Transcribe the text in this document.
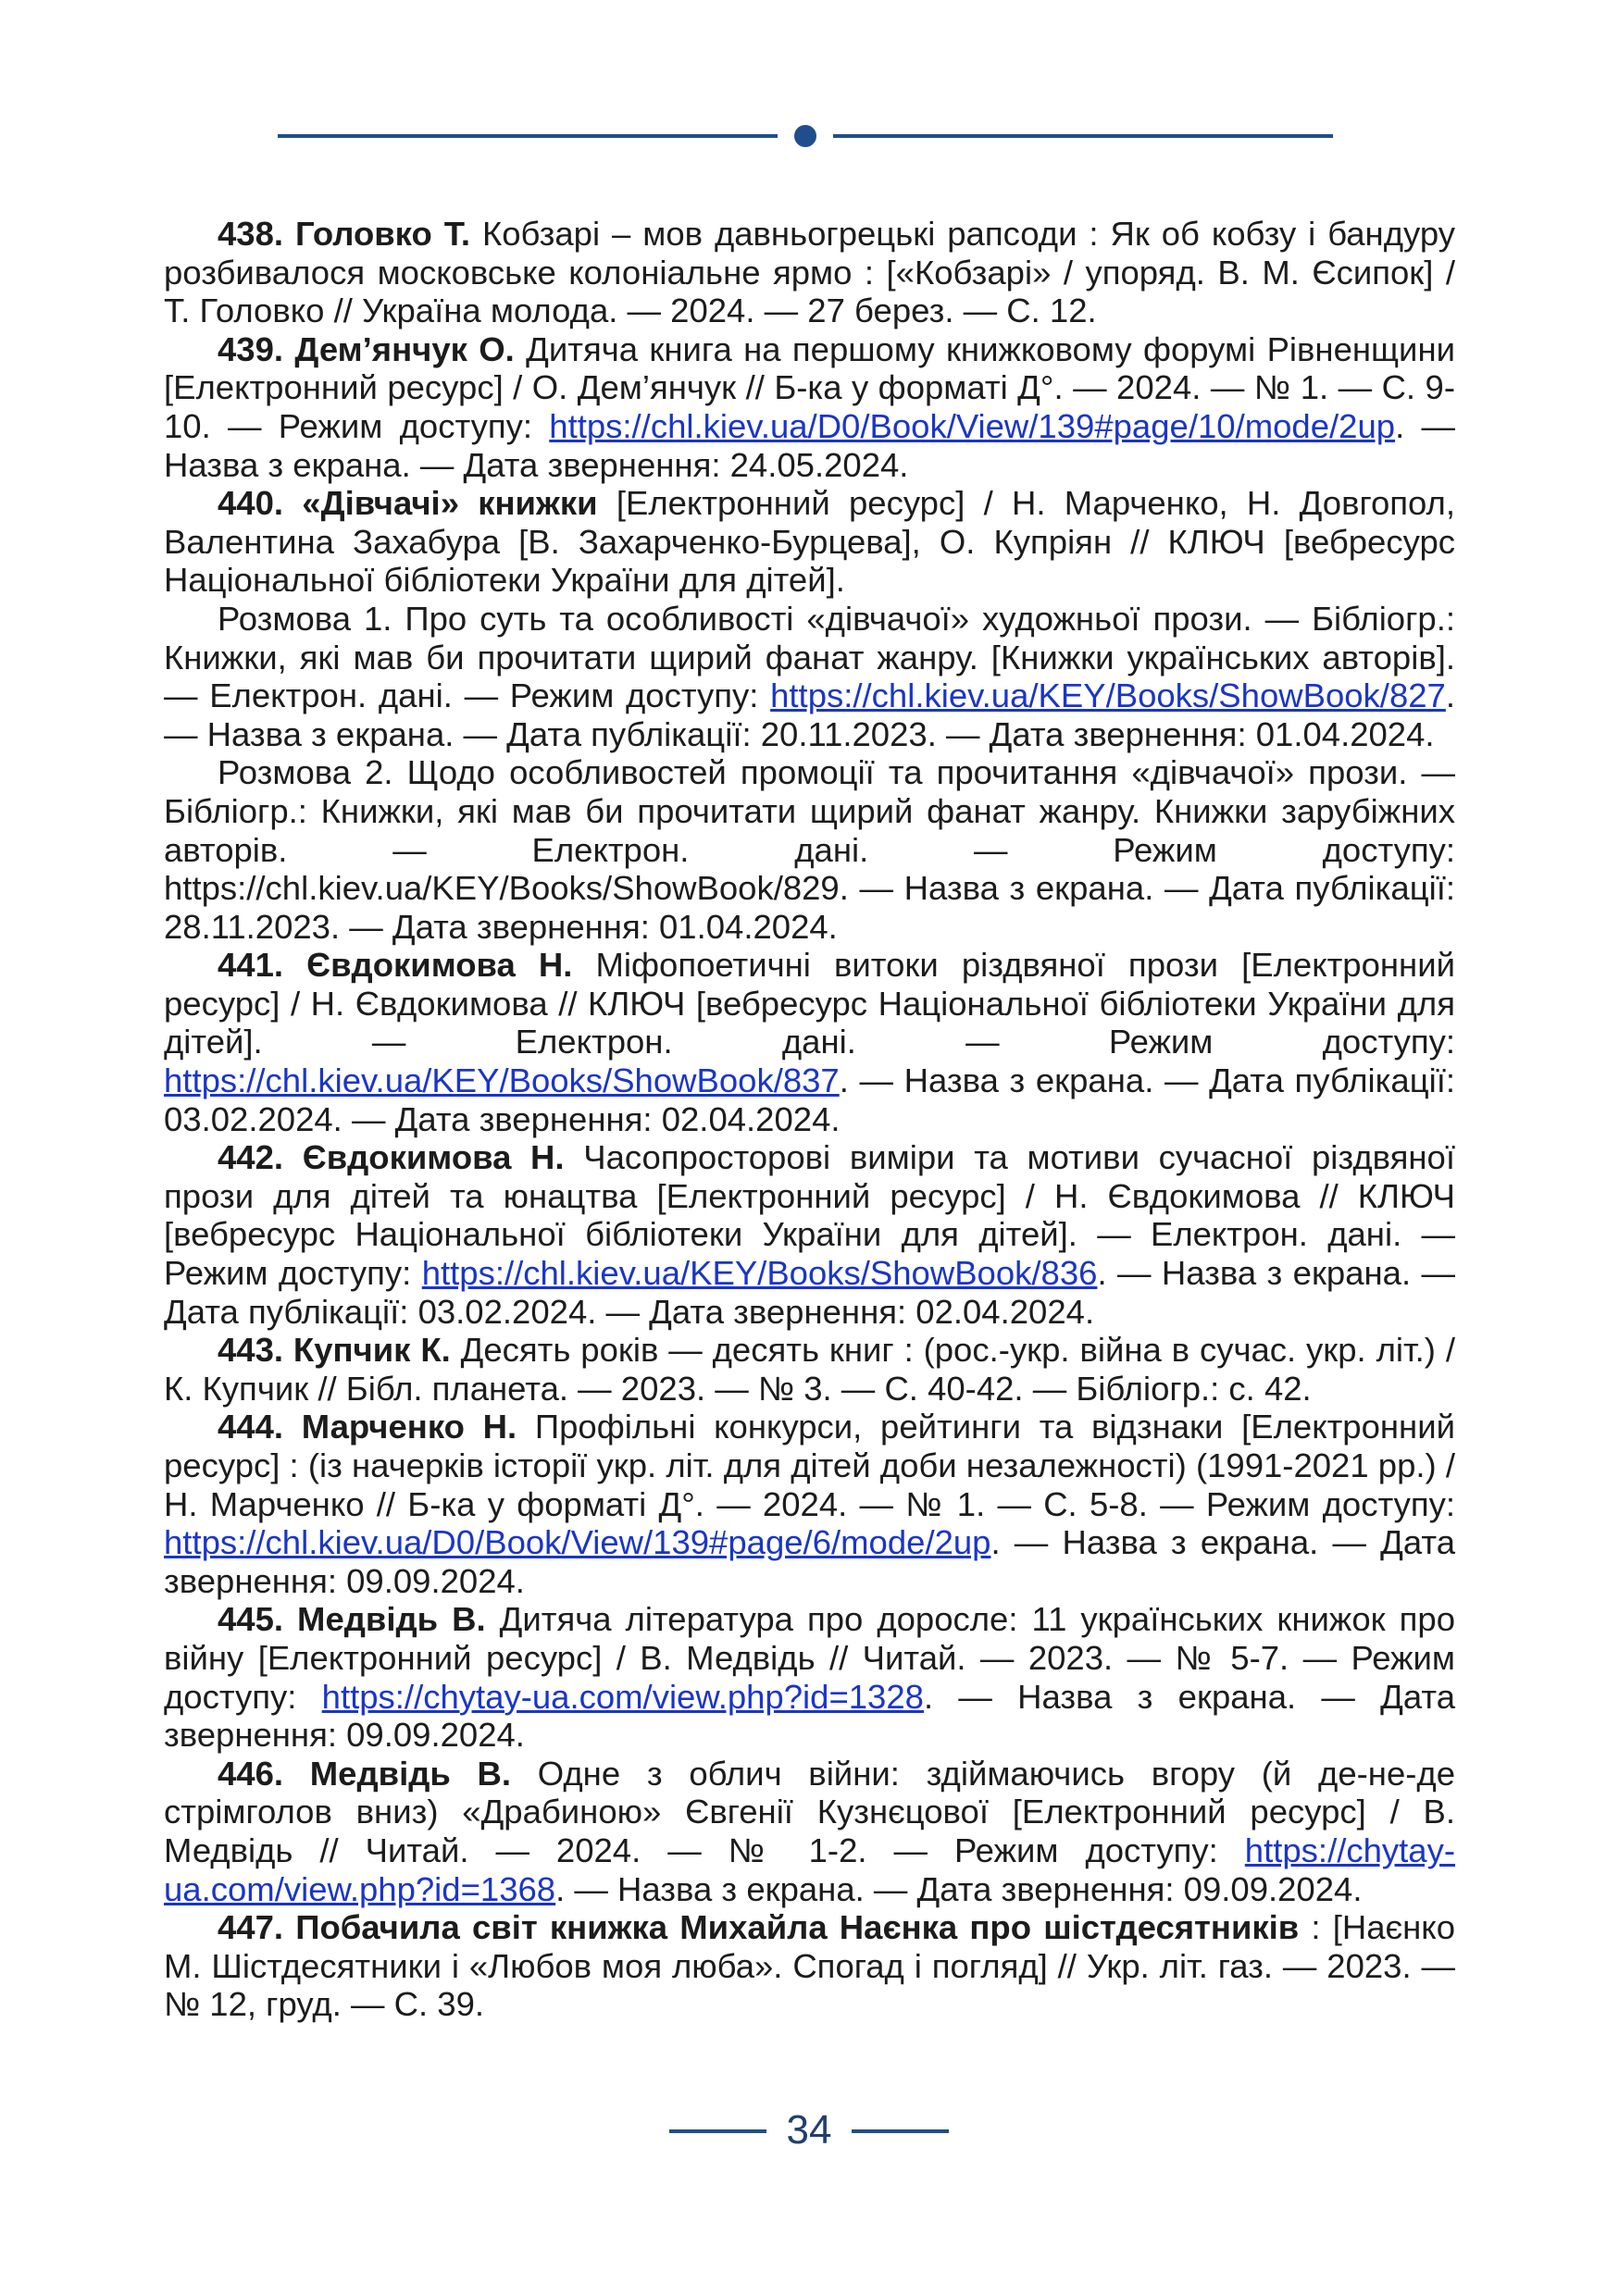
438. Головко Т. Кобзарі – мов давньогрецькі рапсоди : Як об кобзу і бандуру розбивалося московське колоніальне ярмо : [«Кобзарі» / упоряд. В. М. Єсипок] / Т. Головко // Україна молода. — 2024. — 27 берез. — С. 12.

439. Дем’янчук О. Дитяча книга на першому книжковому форумі Рівненщини [Електронний ресурс] / О. Дем’янчук // Б-ка у форматі Д°. — 2024. — № 1. — С. 9-10. — Режим доступу: https://chl.kiev.ua/D0/Book/View/139#page/10/mode/2up. — Назва з екрана. — Дата звернення: 24.05.2024.

440. «Дівчачі» книжки [Електронний ресурс] / Н. Марченко, Н. Довгопол, Валентина Захабура [В. Захарченко-Бурцева], О. Купріян // КЛЮЧ [вебресурс Національної бібліотеки України для дітей].

Розмова 1. Про суть та особливості «дівчачої» художньої прози. — Бібліогр.: Книжки, які мав би прочитати щирий фанат жанру. [Книжки українських авторів]. — Електрон. дані. — Режим доступу: https://chl.kiev.ua/KEY/Books/ShowBook/827. — Назва з екрана. — Дата публікації: 20.11.2023. — Дата звернення: 01.04.2024.

Розмова 2. Щодо особливостей промоції та прочитання «дівчачої» прози. — Бібліогр.: Книжки, які мав би прочитати щирий фанат жанру. Книжки зарубіжних авторів. — Електрон. дані. — Режим доступу: https://chl.kiev.ua/KEY/Books/ShowBook/829. — Назва з екрана. — Дата публікації: 28.11.2023. — Дата звернення: 01.04.2024.

441. Євдокимова Н. Міфопоетичні витоки різдвяної прози [Електронний ресурс] / Н. Євдокимова // КЛЮЧ [вебресурс Національної бібліотеки України для дітей]. — Електрон. дані. — Режим доступу: https://chl.kiev.ua/KEY/Books/ShowBook/837. — Назва з екрана. — Дата публікації: 03.02.2024. — Дата звернення: 02.04.2024.

442. Євдокимова Н. Часопросторові виміри та мотиви сучасної різдвяної прози для дітей та юнацтва [Електронний ресурс] / Н. Євдокимова // КЛЮЧ [вебресурс Національної бібліотеки України для дітей]. — Електрон. дані. — Режим доступу: https://chl.kiev.ua/KEY/Books/ShowBook/836. — Назва з екрана. — Дата публікації: 03.02.2024. — Дата звернення: 02.04.2024.

443. Купчик К. Десять років — десять книг : (рос.-укр. війна в сучас. укр. літ.) / К. Купчик // Бібл. планета. — 2023. — № 3. — С. 40-42. — Бібліогр.: с. 42.

444. Марченко Н. Профільні конкурси, рейтинги та відзнаки [Електронний ресурс] : (із начерків історії укр. літ. для дітей доби незалежності) (1991-2021 рр.) / Н. Марченко // Б-ка у форматі Д°. — 2024. — № 1. — С. 5-8. — Режим доступу: https://chl.kiev.ua/D0/Book/View/139#page/6/mode/2up. — Назва з екрана. — Дата звернення: 09.09.2024.

445. Медвідь В. Дитяча література про доросле: 11 українських книжок про війну [Електронний ресурс] / В. Медвідь // Читай. — 2023. — № 5-7. — Режим доступу: https://chytay-ua.com/view.php?id=1328. — Назва з екрана. — Дата звернення: 09.09.2024.

446. Медвідь В. Одне з облич війни: здіймаючись вгору (й де-не-де стрімголов вниз) «Драбиною» Євгенії Кузнєцової [Електронний ресурс] / В. Медвідь // Читай. — 2024. — № 1-2. — Режим доступу: https://chytay-ua.com/view.php?id=1368. — Назва з екрана. — Дата звернення: 09.09.2024.

447. Побачила світ книжка Михайла Наєнка про шістдесятників : [Наєнко М. Шістдесятники і «Любов моя люба». Спогад і погляд] // Укр. літ. газ. — 2023. — № 12, груд. — С. 39.

34
